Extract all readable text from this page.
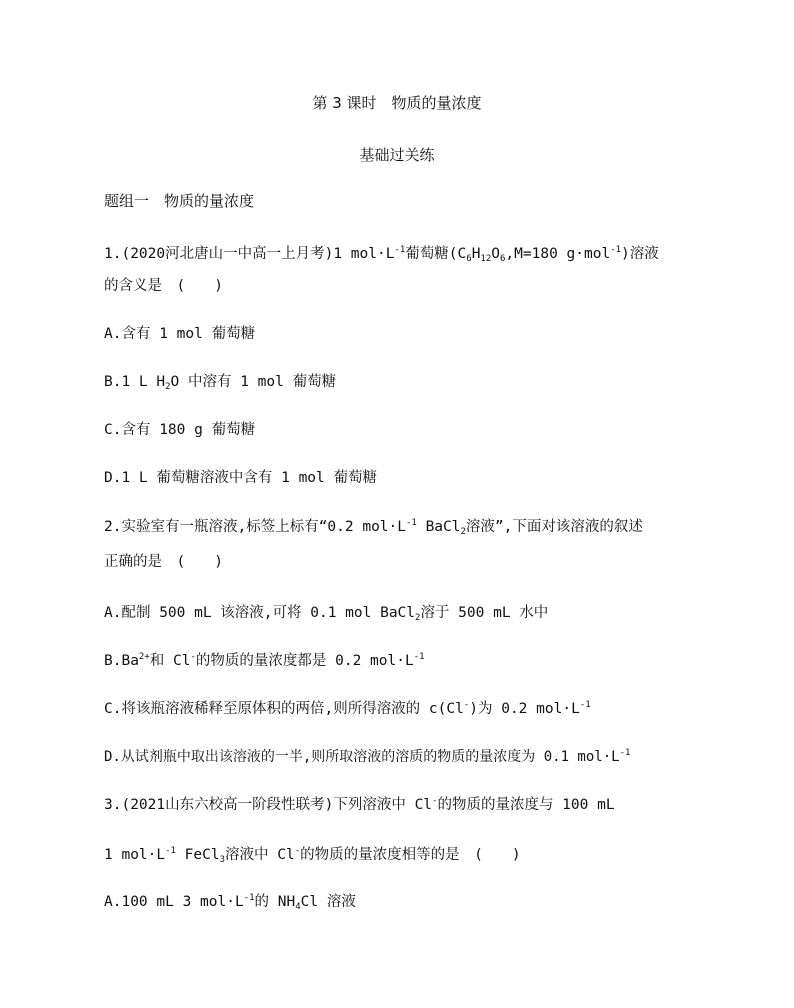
第 3 课时　物质的量浓度
基础过关练
题组一　物质的量浓度
1.(2020河北唐山一中高一上月考)1 $mol\cdot L^{-1}$葡萄糖($C_6H_{12}O_6,M=180$ g·mol$^{-1}$)溶液
的含义是　(　　)
A.含有 1 mol 葡萄糖
B.1 L $H_2O$ 中溶有 1 mol 葡萄糖
C.含有 180 g 葡萄糖
D.1 L 葡萄糖溶液中含有 1 mol 葡萄糖
2.实验室有一瓶溶液,标签上标有“0.2 $mol\cdot L^{-1}$ BaCl$_2$溶液”,下面对该溶液的叙述
正确的是　(　　)
A.配制 500 mL 该溶液,可将 0.1 mol BaCl$_2$溶于 500 mL 水中
$B.Ba^{2+}$和 Cl-的物质的量浓度都是 0.2 $mol\cdot L^{-1}$
C.将该瓶溶液稀释至原体积的两倍,则所得溶液的 c(Cl-)为 0.2 $mol\cdot L^{-1}$
D.从试剂瓶中取出该溶液的一半,则所取溶液的溶质的物质的量浓度为 0.1 $mol\cdot L^{-1}$
3.(2021山东六校高一阶段性联考)下列溶液中 Cl-的物质的量浓度与 100 mL
1 $mol\cdot L^{-1}$ FeCl$_3$溶液中 Cl-的物质的量浓度相等的是　(　　)
A.100 mL 3 $mol\cdot L^{-1}$的 $NH_4Cl$ 溶液
